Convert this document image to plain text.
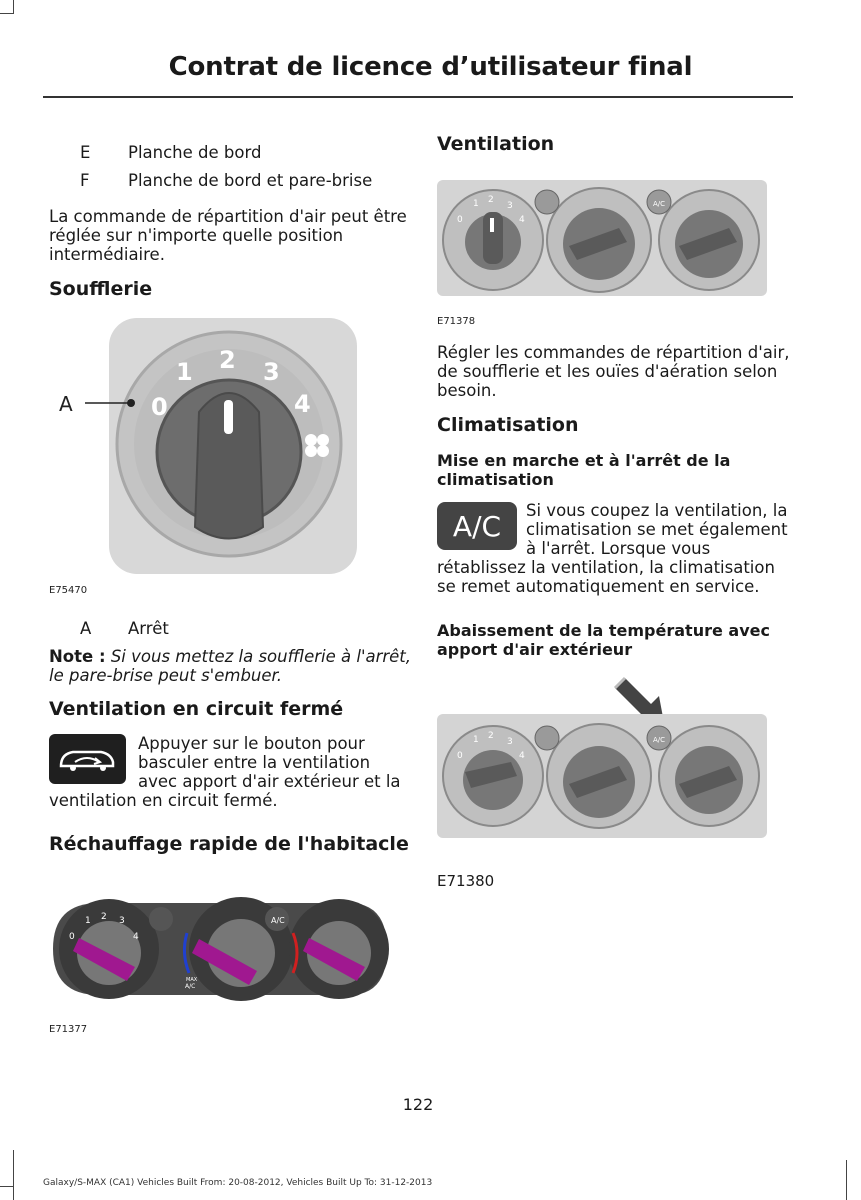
Contrat de licence d’utilisateur final
E Planche de bord
F Planche de bord et pare-brise
La commande de répartition d'air peut être
réglée sur n'importe quelle position
intermédiaire.
Soufflerie
0
1 2 3
4
A
E75470
A Arrêt
Note : Si vous mettez la soufflerie à l'arrêt,
le pare-brise peut s'embuer.
Ventilation en circuit fermé
Appuyer sur le bouton pour
basculer entre la ventilation
avec apport d'air extérieur et la
ventilation en circuit fermé.
Réchauffage rapide de l'habitacle
A/C
0
1 2 3
4
MAX
A/C
E71377
Ventilation
A/C
0
1 2
3
4
E71378
Régler les commandes de répartition d'air,
de soufflerie et les ouïes d'aération selon
besoin.
Climatisation
Mise en marche et à l'arrêt de la
climatisation
A/C Si vous coupez la ventilation, la
climatisation se met également
à l'arrêt. Lorsque vous
rétablissez la ventilation, la climatisation
se remet automatiquement en service.
Abaissement de la température avec
apport d'air extérieur
A/C
0
1 2
3
4
E71380
122
Galaxy/S-MAX (CA1) Vehicles Built From: 20-08-2012, Vehicles Built Up To: 31-12-2013
